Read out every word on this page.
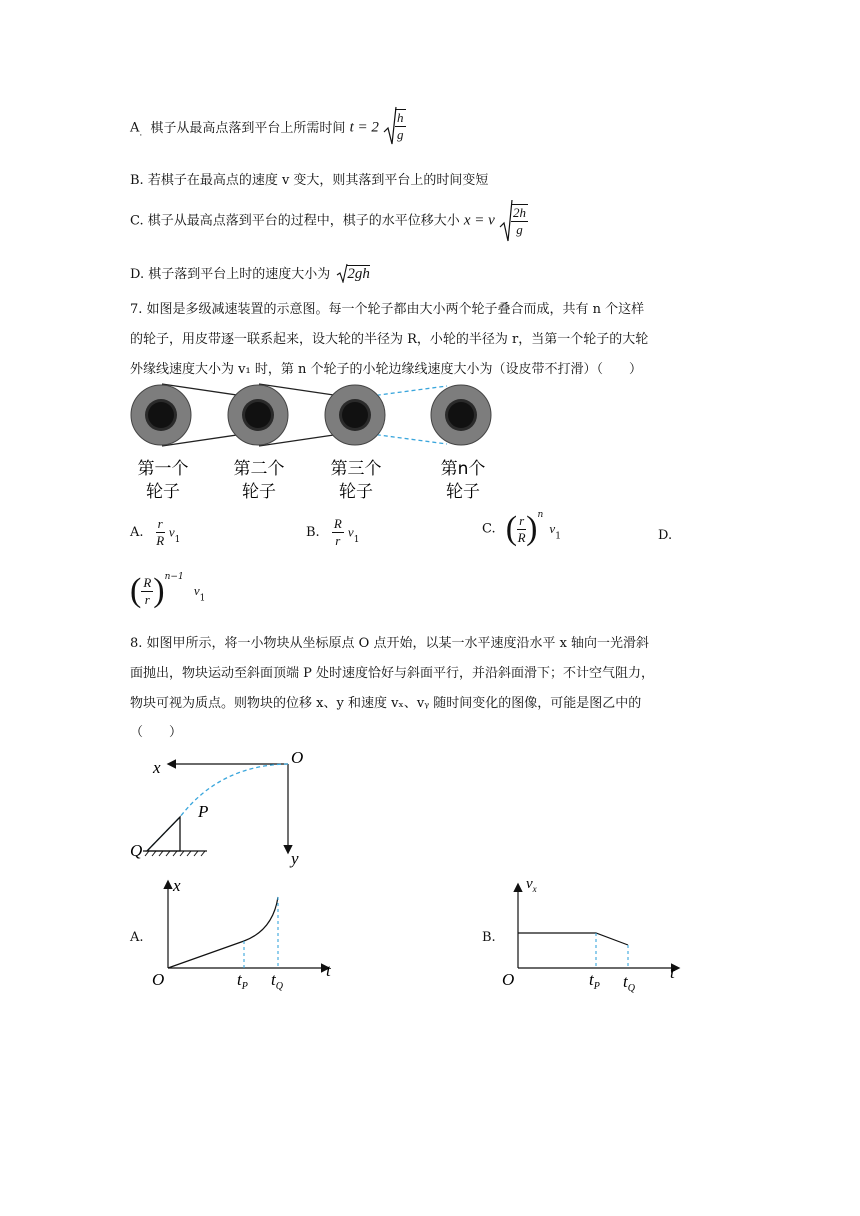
$A_.$ 棋子从最高点落到平台上所需时间 $t = 2 \frac{h}{g}$
B. 若棋子在最高点的速度 v 变大，则其落到平台上的时间变短
C. 棋子从最高点落到平台的过程中，棋子的水平位移大小 x = v $\frac{2h}{g}$
D. 棋子落到平台上时的速度大小为 2gh
7. 如图是多级减速装置的示意图。每一个轮子都由大小两个轮子叠合而成，共有 n 个这样
的轮子，用皮带逐一联系起来，设大轮的半径为 R，小轮的半径为 r，当第一个轮子的大轮
外缘线速度大小为 v₁ 时，第 n 个轮子的小轮边缘线速度大小为（设皮带不打滑）（　　）
第一个
轮子
第二个
轮子
第三个
轮子
第n个
轮子
A. $\frac{r}{R} v_1$	B. $\frac{R}{r} v_1$
C. ( $\frac{r}{R} )^n$ $v_1$	D.
( $\frac{R}{r} )^{n-1}$ $v_1$
8. 如图甲所示，将一小物块从坐标原点 O 点开始，以某一水平速度沿水平 x 轴向一光滑斜
面抛出，物块运动至斜面顶端 P 处时速度恰好与斜面平行，并沿斜面滑下；不计空气阻力，
物块可视为质点。则物块的位移 x、y 和速度 vₓ、vᵧ 随时间变化的图像，可能是图乙中的
（　　）
x
O
P
Q	y
A.
x
t
O	$t_P$ $t_Q$
B.
$v_x$
t
O	$t_P$ $t_Q$
